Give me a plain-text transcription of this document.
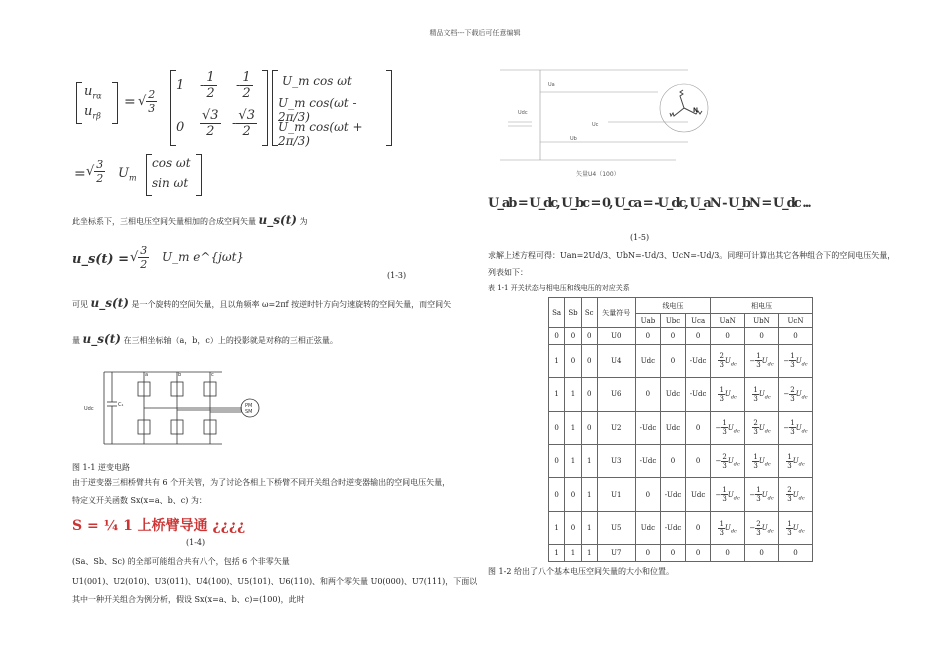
精品文档---下载后可任意编辑
$u_{r\alpha}$
$u_{r\beta}$
= √ $\frac{2}{3}$
$1 - \frac{1}{2} - \frac{1}{2}$
$0 \frac{√3}{2} - \frac{√3}{2}$
U_m cos ωt
U_m cos(ωt - 2π/3)
U_m cos(ωt + 2π/3)
= √ $\frac{3}{2} U_m$
cos ωt
sin ωt
此坐标系下，三相电压空间矢量相加的合成空间矢量 u_s(t) 为
u_s(t) = √ $\frac{3}{2}$ U_m e^{jωt}
(1-3)
可见 u_s(t) 是一个旋转的空间矢量，且以角频率 ω=2πf 按逆时针方向匀速旋转的空间矢量，而空间矢
量 u_s(t) 在三相坐标轴（a，b，c）上的投影就是对称的三相正弦量。
Udc
C₁
a	b	c
PM
SM
图 1-1 逆变电路
由于逆变器三相桥臂共有 6 个开关管，为了讨论各相上下桥臂不同开关组合时逆变器输出的空间电压矢量，
特定义开关函数 Sx(x=a、b、c) 为：
S = ¼ 1 上桥臂导通 ¿¿¿¿
(1-4)
(Sa、Sb、Sc) 的全部可能组合共有八个，包括 6 个非零矢量
U1(001)、U2(010)、U3(011)、U4(100)、U5(101)、U6(110)、和两个零矢量 U0(000)、U7(111)，下面以
其中一种开关组合为例分析，假设 Sx(x=a、b、c)=(100)，此时
Ua
Udc
Ub
Uc
N
矢量U4（100）
U_ab = U_dc, U_bc = 0, U_ca = -U_dc, U_aN - U_bN = U_dc ...
(1-5)
求解上述方程可得：Uan=2Ud/3、UbN=-Ud/3、UcN=-Ud/3。同理可计算出其它各种组合下的空间电压矢量，
列表如下：
表 1-1 开关状态与相电压和线电压的对应关系
Sa	Sb	Sc	矢量符号	线电压			相电压		
				Uab	Ubc	Uca	UaN	UbN	UcN
0	0	0	U0	0	0	0	0	0	0
1	0	0	U4	Udc	0	-Udc	$\frac{2}{3} U_{dc}$	− $\frac{1}{3} U_{dc}$	− $\frac{1}{3} U_{dc}$
1	1	0	U6	0	Udc	-Udc	$\frac{1}{3} U_{dc}$	$\frac{1}{3} U_{dc}$	− $\frac{2}{3} U_{dc}$
0	1	0	U2	-Udc	Udc	0	− $\frac{1}{3} U_{dc}$	$\frac{2}{3} U_{dc}$	− $\frac{1}{3} U_{dc}$
0	1	1	U3	-Udc	0	0	− $\frac{2}{3} U_{dc}$	$\frac{1}{3} U_{dc}$	$\frac{1}{3} U_{dc}$
0	0	1	U1	0	-Udc	Udc	− $\frac{1}{3} U_{dc}$	− $\frac{1}{3} U_{dc}$	$\frac{2}{3} U_{dc}$
1	0	1	U5	Udc	-Udc	0	$\frac{1}{3} U_{dc}$	− $\frac{2}{3} U_{dc}$	$\frac{1}{3} U_{dc}$
1	1	1	U7	0	0	0	0	0	0
图 1-2 给出了八个基本电压空间矢量的大小和位置。
